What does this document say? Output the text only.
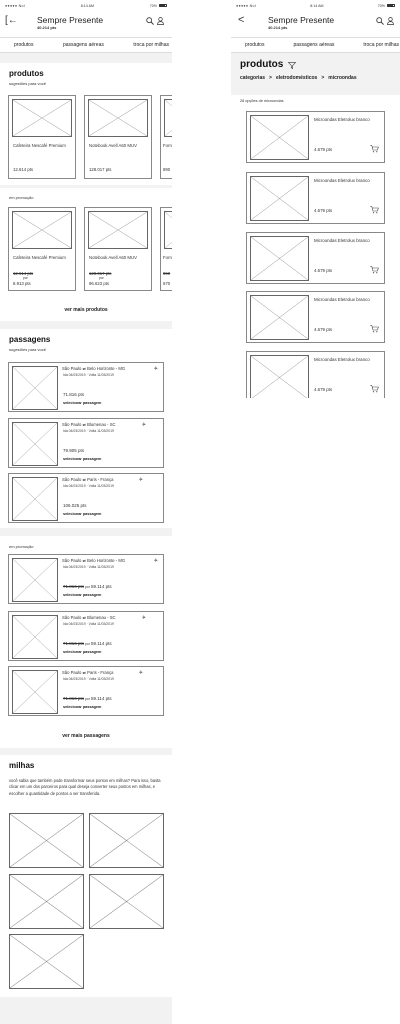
●●●●● Nol	8:14 AM	70%
[← Sempre Presente
40.214 pts
produtos	passagens aéreas	troca por milhas
produtos
sugestões para você
Cafeteira Nescafé Premium
12.614 pts
Notebook Avell A60 MUV
128.017 pts
Forn
890
em promoção
Cafeteira Nescafé Premium
12.614 pts
por
8.913 pts
Notebook Avell A60 MUV
128.017 pts
por
96.623 pts
Forn
890
670
ver mais produtos
passagens
sugestões para você
São Paulo ⇄ Belo Horizonte - MG	✈
Ida 04/03/2019 · Volta 11/03/2019
71.816 pts
selecionar passagem
São Paulo ⇄ Blumenau - SC	✈
Ida 04/03/2019 · Volta 11/03/2019
79.905 pts
selecionar passagem
São Paulo ⇄ Paris - França	✈
Ida 04/03/2019 · Volta 11/03/2019
106.025 pts
selecionar passagem
em promoção
São Paulo ⇄ Belo Horizonte - MG	✈
Ida 04/03/2019 · Volta 11/03/2019
71.816 ptspor59.114 pts
selecionar passagem
São Paulo ⇄ Blumenau - SC	✈
Ida 04/03/2019 · Volta 11/03/2019
71.816 ptspor59.114 pts
selecionar passagem
São Paulo ⇄ Paris - França	✈
Ida 04/03/2019 · Volta 11/03/2019
71.816 ptspor59.114 pts
selecionar passagem
ver mais passagens
milhas

você sabia que também pode transformar seus pontos em milhas? Para isso, basta clicar em um dos parceiros para qual deseja converter seus pontos em milhas, e escolher a quantidade de pontos a ser transferida.

●●●●● Nol	8:14 AM	70%
<	Sempre Presente
40.214 pts
produtos	passagens aéreas	troca por milhas
produtos
categorias > eletrodomésticos > microondas
28 opções de microondas
Microondas Eletrolux branco
4.679 pts
Microondas Eletrolux branco
4.679 pts
Microondas Eletrolux branco
4.679 pts
Microondas Eletrolux branco
4.679 pts
Microondas Eletrolux branco
4.679 pts
